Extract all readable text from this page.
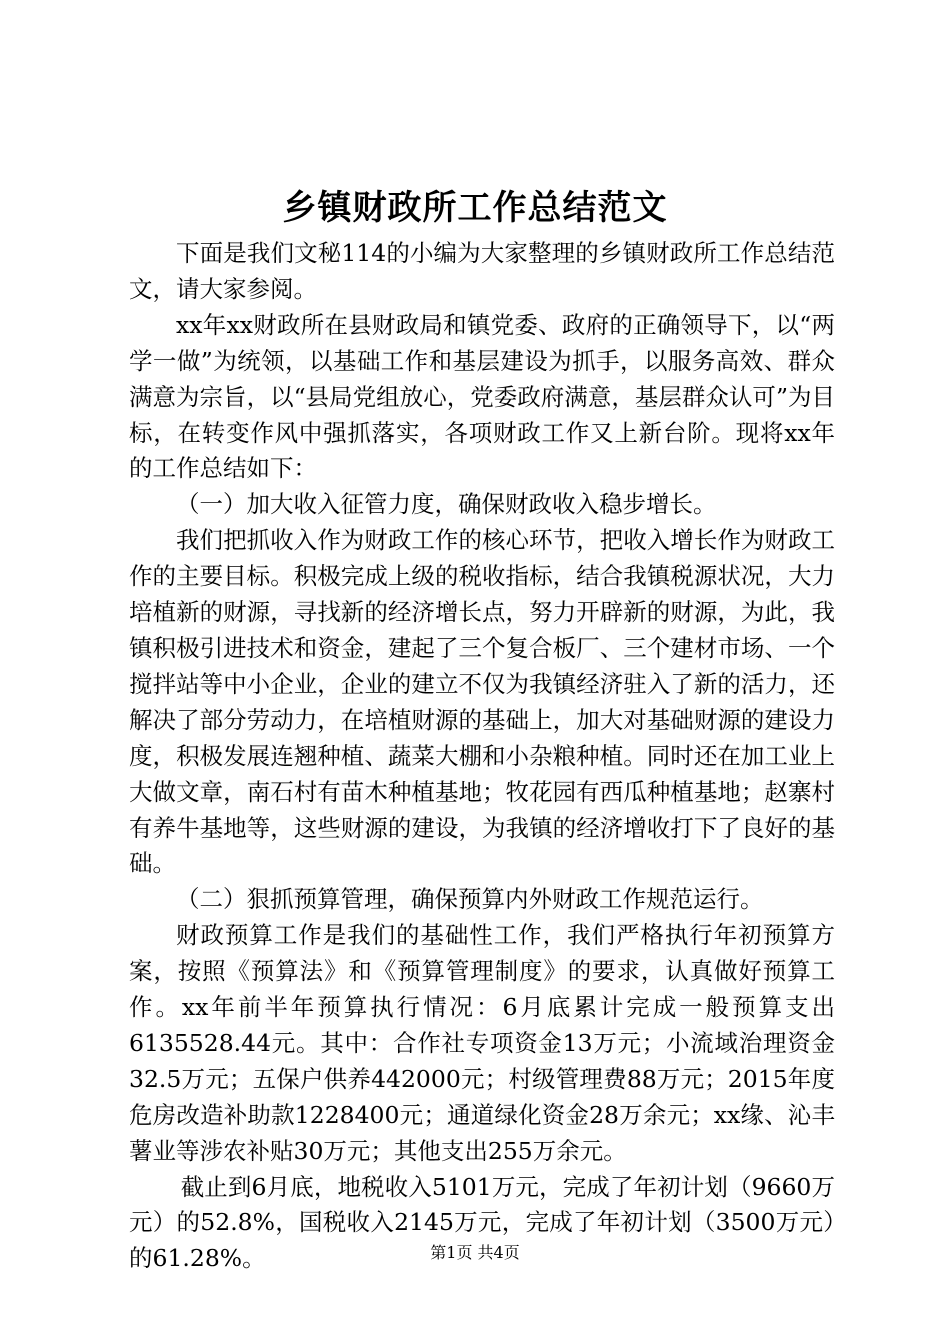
乡镇财政所工作总结范文

下面是我们文秘114的小编为大家整理的乡镇财政所工作总结范文，请大家参阅。

xx年xx财政所在县财政局和镇党委、政府的正确领导下，以“两学一做”为统领，以基础工作和基层建设为抓手，以服务高效、群众满意为宗旨，以“县局党组放心，党委政府满意，基层群众认可”为目标，在转变作风中强抓落实，各项财政工作又上新台阶。现将xx年的工作总结如下：

（一）加大收入征管力度，确保财政收入稳步增长。

我们把抓收入作为财政工作的核心环节，把收入增长作为财政工作的主要目标。积极完成上级的税收指标，结合我镇税源状况，大力培植新的财源，寻找新的经济增长点，努力开辟新的财源，为此，我镇积极引进技术和资金，建起了三个复合板厂、三个建材市场、一个搅拌站等中小企业，企业的建立不仅为我镇经济驻入了新的活力，还解决了部分劳动力，在培植财源的基础上，加大对基础财源的建设力度，积极发展连翘种植、蔬菜大棚和小杂粮种植。同时还在加工业上大做文章，南石村有苗木种植基地；牧花园有西瓜种植基地；赵寨村有养牛基地等，这些财源的建设，为我镇的经济增收打下了良好的基础。

（二）狠抓预算管理，确保预算内外财政工作规范运行。

财政预算工作是我们的基础性工作，我们严格执行年初预算方案，按照《预算法》和《预算管理制度》的要求，认真做好预算工作。xx年前半年预算执行情况：6月底累计完成一般预算支出6135528.44元。其中：合作社专项资金13万元；小流域治理资金32.5万元；五保户供养442000元；村级管理费88万元；2015年度危房改造补助款1228400元；通道绿化资金28万余元；xx缘、沁丰薯业等涉农补贴30万元；其他支出255万余元。

截止到6月底，地税收入5101万元，完成了年初计划（9660万元）的52.8%，国税收入2145万元，完成了年初计划（3500万元）的61.28%。	第1页 共4页
